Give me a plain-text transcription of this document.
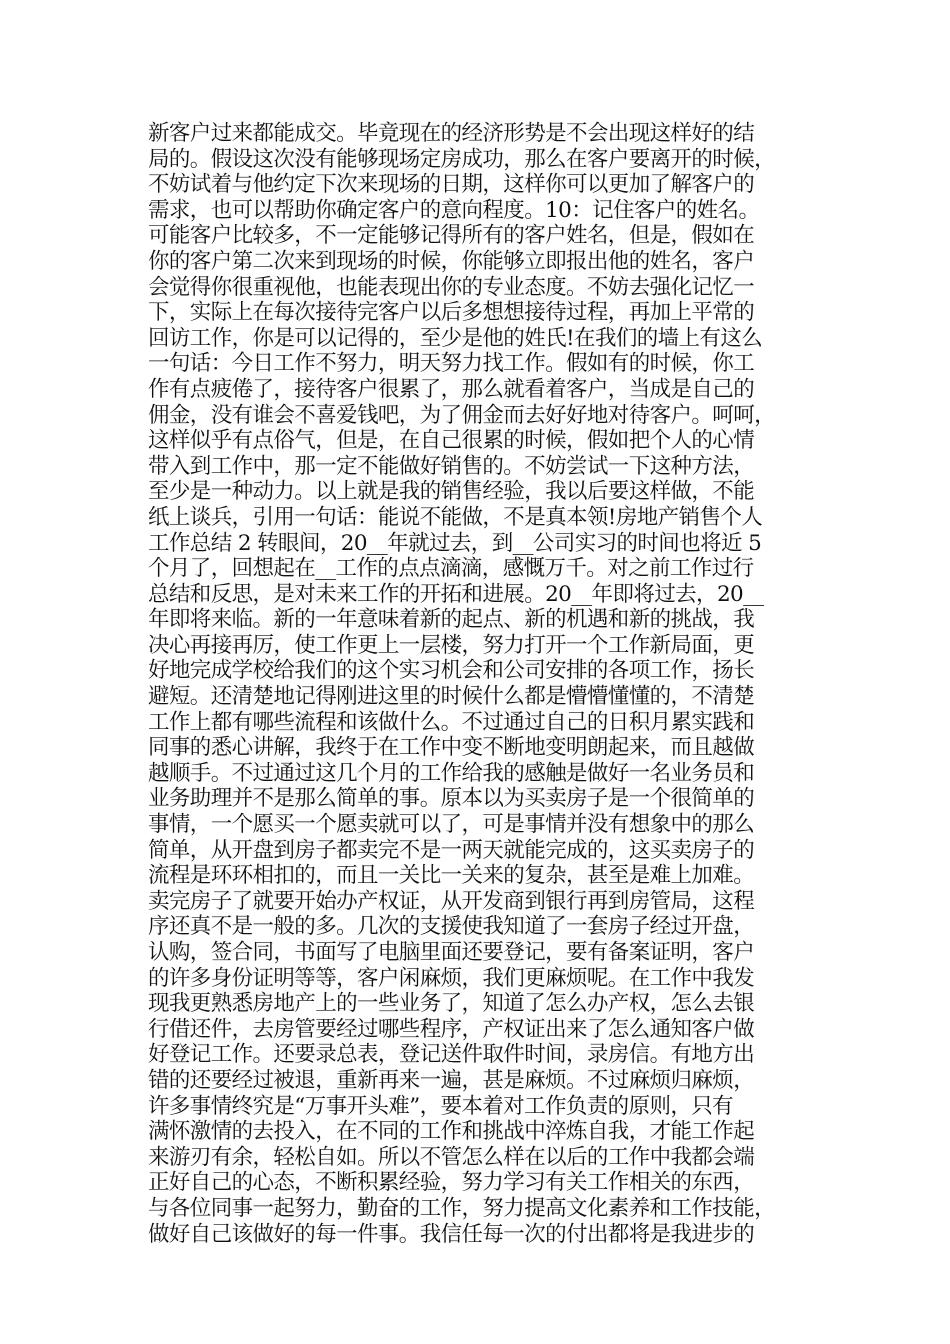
新客户过来都能成交。毕竟现在的经济形势是不会出现这样好的结
局的。假设这次没有能够现场定房成功，那么在客户要离开的时候，
不妨试着与他约定下次来现场的日期，这样你可以更加了解客户的
需求，也可以帮助你确定客户的意向程度。10：记住客户的姓名。
可能客户比较多，不一定能够记得所有的客户姓名，但是，假如在
你的客户第二次来到现场的时候，你能够立即报出他的姓名，客户
会觉得你很重视他，也能表现出你的专业态度。不妨去强化记忆一
下，实际上在每次接待完客户以后多想想接待过程，再加上平常的
回访工作，你是可以记得的，至少是他的姓氏!在我们的墙上有这么
一句话：今日工作不努力，明天努力找工作。假如有的时候，你工
作有点疲倦了，接待客户很累了，那么就看着客户，当成是自己的
佣金，没有谁会不喜爱钱吧，为了佣金而去好好地对待客户。呵呵，
这样似乎有点俗气，但是，在自己很累的时候，假如把个人的心情
带入到工作中，那一定不能做好销售的。不妨尝试一下这种方法，
至少是一种动力。以上就是我的销售经验，我以后要这样做，不能
纸上谈兵，引用一句话：能说不能做，不是真本领!房地产销售个人
工作总结 2 转眼间，20__年就过去，到__公司实习的时间也将近 5
个月了，回想起在__工作的点点滴滴，感慨万千。对之前工作过行
总结和反思，是对未来工作的开拓和进展。20__年即将过去，20__
年即将来临。新的一年意味着新的起点、新的机遇和新的挑战，我
决心再接再厉，使工作更上一层楼，努力打开一个工作新局面，更
好地完成学校给我们的这个实习机会和公司安排的各项工作，扬长
避短。还清楚地记得刚进这里的时候什么都是懵懵懂懂的，不清楚
工作上都有哪些流程和该做什么。不过通过自己的日积月累实践和
同事的悉心讲解，我终于在工作中变不断地变明朗起来，而且越做
越顺手。不过通过这几个月的工作给我的感触是做好一名业务员和
业务助理并不是那么简单的事。原本以为买卖房子是一个很简单的
事情，一个愿买一个愿卖就可以了，可是事情并没有想象中的那么
简单，从开盘到房子都卖完不是一两天就能完成的，这买卖房子的
流程是环环相扣的，而且一关比一关来的复杂，甚至是难上加难。
卖完房子了就要开始办产权证，从开发商到银行再到房管局，这程
序还真不是一般的多。几次的支援使我知道了一套房子经过开盘，
认购，签合同，书面写了电脑里面还要登记，要有备案证明，客户
的许多身份证明等等，客户闲麻烦，我们更麻烦呢。在工作中我发
现我更熟悉房地产上的一些业务了，知道了怎么办产权，怎么去银
行借还件，去房管要经过哪些程序，产权证出来了怎么通知客户做
好登记工作。还要录总表，登记送件取件时间，录房信。有地方出
错的还要经过被退，重新再来一遍，甚是麻烦。不过麻烦归麻烦，
许多事情终究是“万事开头难”，要本着对工作负责的原则，只有
满怀激情的去投入，在不同的工作和挑战中淬炼自我，才能工作起
来游刃有余，轻松自如。所以不管怎么样在以后的工作中我都会端
正好自己的心态，不断积累经验，努力学习有关工作相关的东西，
与各位同事一起努力，勤奋的工作，努力提高文化素养和工作技能，
做好自己该做好的每一件事。我信任每一次的付出都将是我进步的
